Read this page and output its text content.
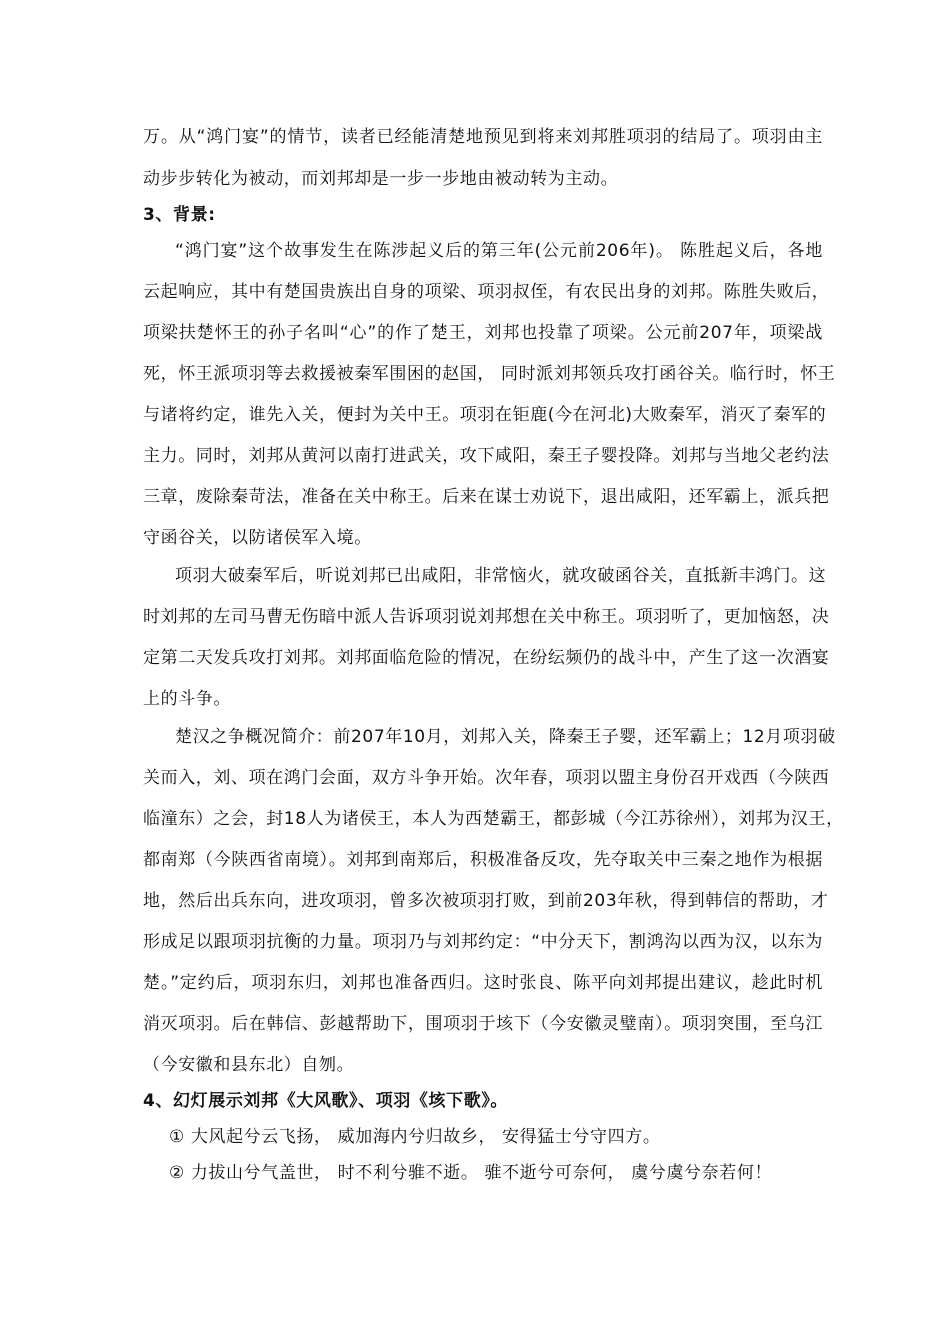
万。从“鸿门宴”的情节，读者已经能清楚地预见到将来刘邦胜项羽的结局了。项羽由主
动步步转化为被动，而刘邦却是一步一步地由被动转为主动。
3、背景:
“鸿门宴”这个故事发生在陈涉起义后的第三年(公元前206年)。 陈胜起义后，各地
云起响应，其中有楚国贵族出自身的项梁、项羽叔侄，有农民出身的刘邦。陈胜失败后，
项梁扶楚怀王的孙子名叫“心”的作了楚王，刘邦也投靠了项梁。公元前207年，项梁战
死，怀王派项羽等去救援被秦军围困的赵国， 同时派刘邦领兵攻打函谷关。临行时，怀王
与诸将约定，谁先入关，便封为关中王。项羽在钜鹿(今在河北)大败秦军，消灭了秦军的
主力。同时，刘邦从黄河以南打进武关，攻下咸阳，秦王子婴投降。刘邦与当地父老约法
三章，废除秦苛法，准备在关中称王。后来在谋士劝说下，退出咸阳，还军霸上，派兵把
守函谷关，以防诸侯军入境。
项羽大破秦军后，听说刘邦已出咸阳，非常恼火，就攻破函谷关，直抵新丰鸿门。这
时刘邦的左司马曹无伤暗中派人告诉项羽说刘邦想在关中称王。项羽听了，更加恼怒，决
定第二天发兵攻打刘邦。刘邦面临危险的情况，在纷纭频仍的战斗中，产生了这一次酒宴
上的斗争。
楚汉之争概况简介：前207年10月，刘邦入关，降秦王子婴，还军霸上；12月项羽破
关而入，刘、项在鸿门会面，双方斗争开始。次年春，项羽以盟主身份召开戏西（今陕西
临潼东）之会，封18人为诸侯王，本人为西楚霸王，都彭城（今江苏徐州），刘邦为汉王，
都南郑（今陕西省南境）。刘邦到南郑后，积极准备反攻，先夺取关中三秦之地作为根据
地，然后出兵东向，进攻项羽，曾多次被项羽打败，到前203年秋，得到韩信的帮助，才
形成足以跟项羽抗衡的力量。项羽乃与刘邦约定：“中分天下，割鸿沟以西为汉，以东为
楚。”定约后，项羽东归，刘邦也准备西归。这时张良、陈平向刘邦提出建议，趁此时机
消灭项羽。后在韩信、彭越帮助下，围项羽于垓下（今安徽灵璧南）。项羽突围，至乌江
（今安徽和县东北）自刎。
4、幻灯展示刘邦《大风歌》、项羽《垓下歌》。
① 大风起兮云飞扬， 威加海内兮归故乡， 安得猛士兮守四方。
② 力拔山兮气盖世， 时不利兮骓不逝。 骓不逝兮可奈何， 虞兮虞兮奈若何！
